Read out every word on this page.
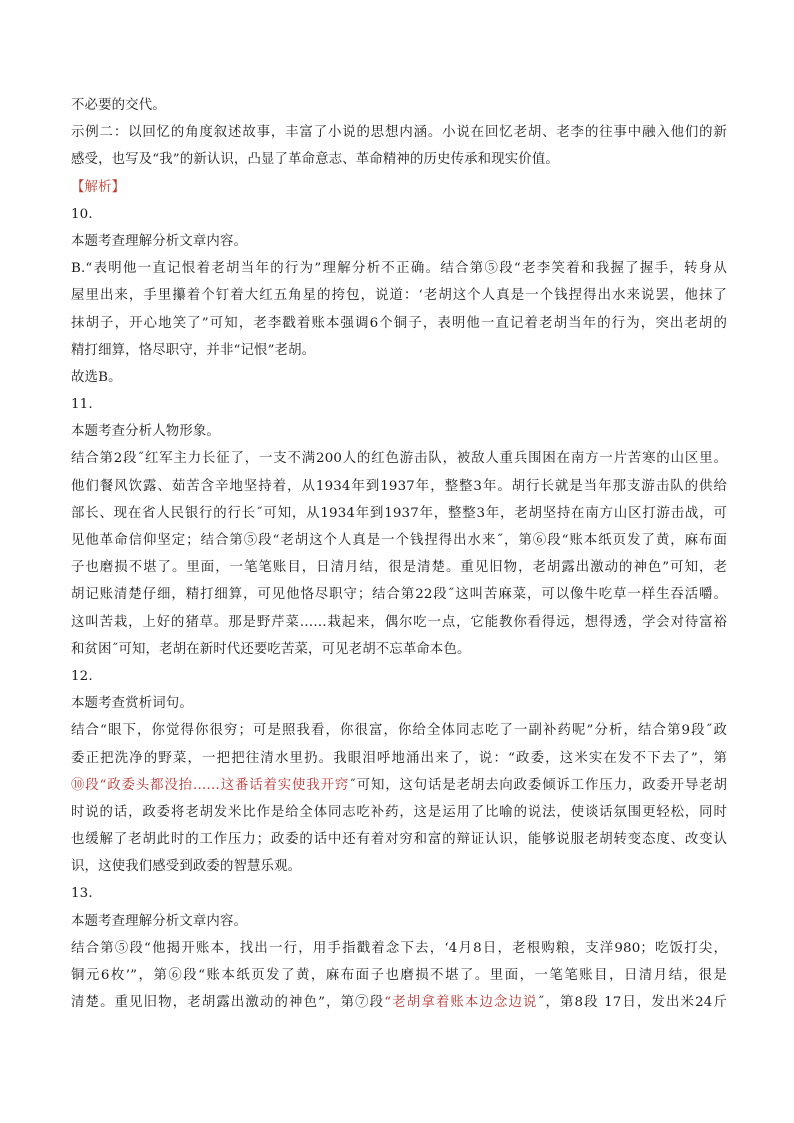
不必要的交代。
示例二：以回忆的角度叙述故事，丰富了小说的思想内涵。小说在回忆老胡、老李的往事中融入他们的新
感受，也写及“我”的新认识，凸显了革命意志、革命精神的历史传承和现实价值。
【解析】
10.
本题考查理解分析文章内容。
B.“表明他一直记恨着老胡当年的行为”理解分析不正确。结合第⑤段“老李笑着和我握了握手，转身从
屋里出来，手里攥着个钉着大红五角星的挎包，说道：‘老胡这个人真是一个钱捏得出水来说罢，他抹了
抹胡子，开心地笑了”可知，老李戳着账本强调6个铜子，表明他一直记着老胡当年的行为，突出老胡的
精打细算，恪尽职守，并非“记恨”老胡。
故选B。
11.
本题考查分析人物形象。
结合第2段˝红军主力长征了，一支不满200人的红色游击队，被敌人重兵围困在南方一片苦寒的山区里。
他们餐风饮露、茹苦含辛地坚持着，从1934年到1937年，整整3年。胡行长就是当年那支游击队的供给
部长、现在省人民银行的行长˝可知，从1934年到1937年，整整3年，老胡坚持在南方山区打游击战，可
见他革命信仰坚定；结合第⑤段“老胡这个人真是一个钱捏得出水来˝，第⑥段“账本纸页发了黄，麻布面
子也磨损不堪了。里面，一笔笔账目，日清月结，很是清楚。重见旧物，老胡露出激动的神色”可知，老
胡记账清楚仔细，精打细算，可见他恪尽职守；结合第22段˝这叫苦麻菜，可以像牛吃草一样生吞活嚼。
这叫苦栽，上好的猪草。那是野芹菜……栽起来，偶尔吃一点，它能教你看得远，想得透，学会对待富裕
和贫困˝可知，老胡在新时代还要吃苦菜，可见老胡不忘革命本色。
12.
本题考查赏析词句。
结合“眼下，你觉得你很穷；可是照我看，你很富，你给全体同志吃了一副补药呢”分析，结合第9段˝政
委正把洗净的野菜，一把把往清水里扔。我眼泪呼地涌出来了，说：“政委，这米实在发不下去了”，第
⑩段“政委头都没抬……这番话着实使我开窍˝可知，这句话是老胡去向政委倾诉工作压力，政委开导老胡
时说的话，政委将老胡发米比作是给全体同志吃补药，这是运用了比喻的说法，使谈话氛围更轻松，同时
也缓解了老胡此时的工作压力；政委的话中还有着对穷和富的辩证认识，能够说服老胡转变态度、改变认
识，这使我们感受到政委的智慧乐观。
13.
本题考查理解分析文章内容。
结合第⑤段“他揭开账本，找出一行，用手指戳着念下去，‘4月8日，老根购粮，支洋980；吃饭打尖，
铜元6枚’”，第⑥段“账本纸页发了黄，麻布面子也磨损不堪了。里面，一笔笔账目，日清月结，很是
清楚。重见旧物，老胡露出激动的神色”，第⑦段“老胡拿着账本边念边说˝，第8段 17日，发出米24斤
